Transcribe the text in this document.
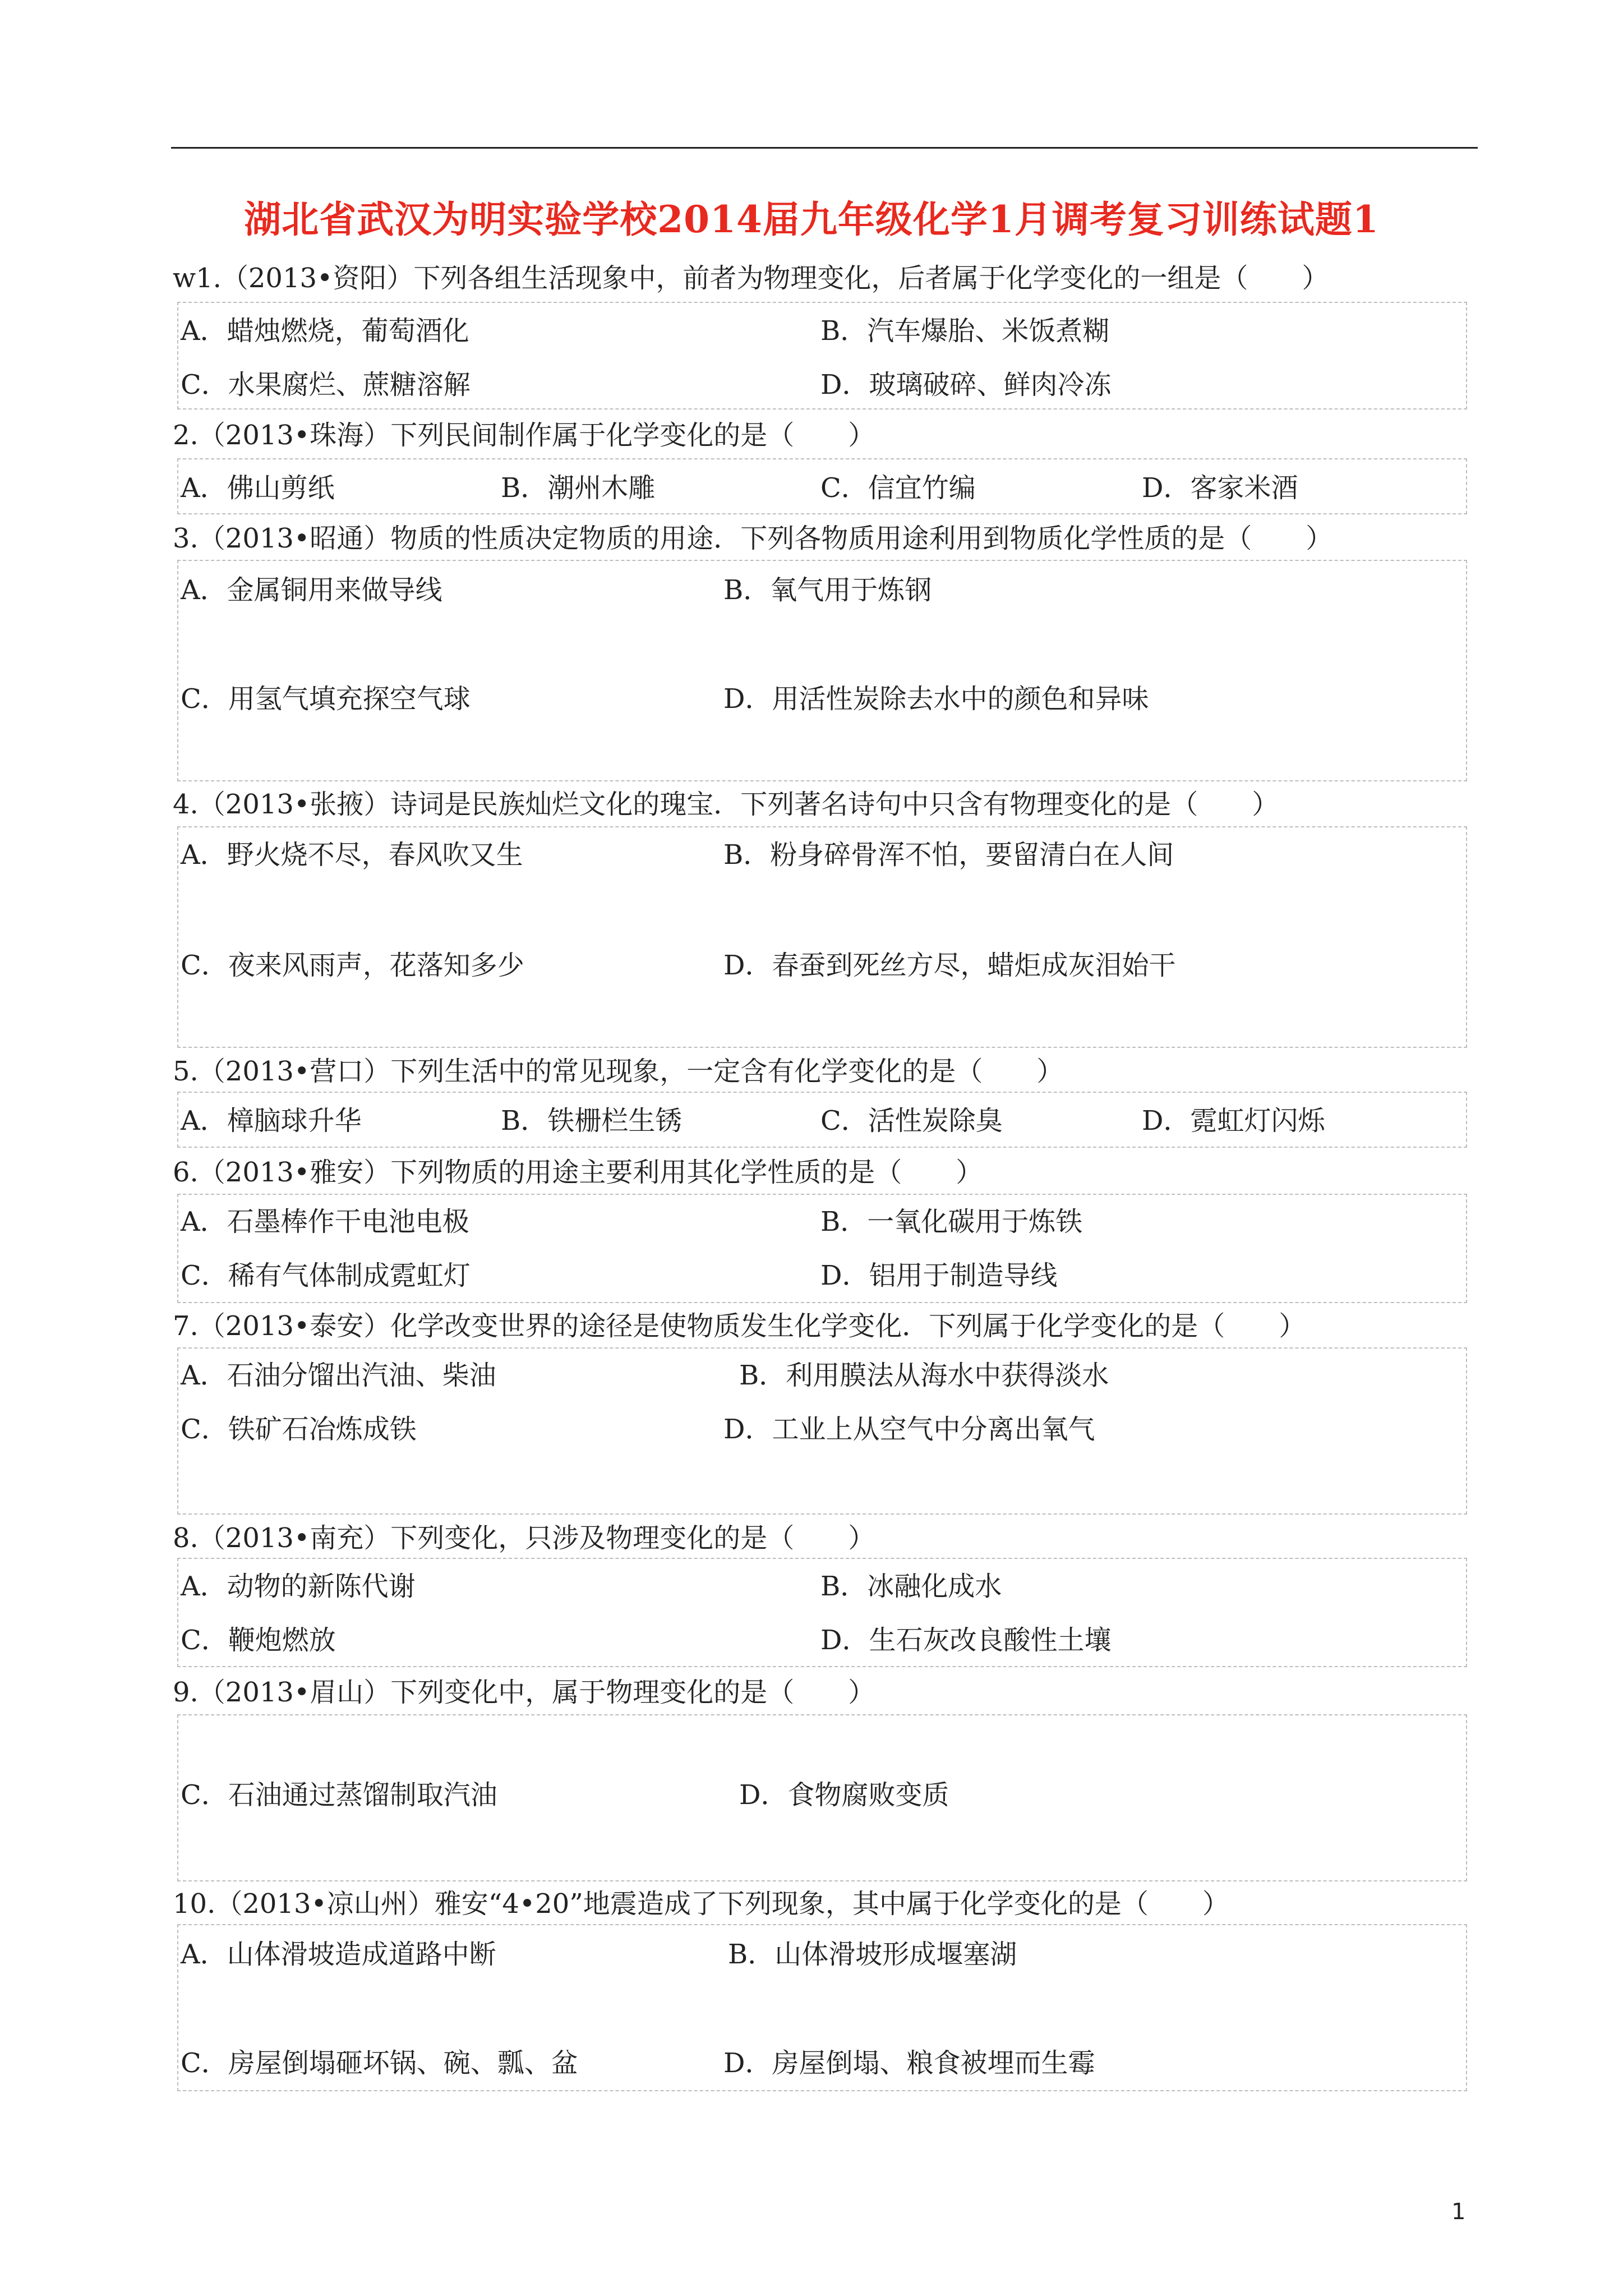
湖北省武汉为明实验学校2014届九年级化学1月调考复习训练试题1
w1.（2013•资阳）下列各组生活现象中，前者为物理变化，后者属于化学变化的一组是（　　）
A．蜡烛燃烧，葡萄酒化	B．汽车爆胎、米饭煮糊
C．水果腐烂、蔗糖溶解	D．玻璃破碎、鲜肉冷冻
2.（2013•珠海）下列民间制作属于化学变化的是（　　）
A．佛山剪纸	B．潮州木雕	C．信宜竹编	D．客家米酒
3.（2013•昭通）物质的性质决定物质的用途．下列各物质用途利用到物质化学性质的是（　　）
A．金属铜用来做导线	B．氧气用于炼钢
C．用氢气填充探空气球	D．用活性炭除去水中的颜色和异味
4.（2013•张掖）诗词是民族灿烂文化的瑰宝．下列著名诗句中只含有物理变化的是（　　）
A．野火烧不尽，春风吹又生	B．粉身碎骨浑不怕，要留清白在人间
C．夜来风雨声，花落知多少	D．春蚕到死丝方尽，蜡炬成灰泪始干
5.（2013•营口）下列生活中的常见现象，一定含有化学变化的是（　　）
A．樟脑球升华	B．铁栅栏生锈	C．活性炭除臭	D．霓虹灯闪烁
6.（2013•雅安）下列物质的用途主要利用其化学性质的是（　　）
A．石墨棒作干电池电极	B．一氧化碳用于炼铁
C．稀有气体制成霓虹灯	D．铝用于制造导线
7.（2013•泰安）化学改变世界的途径是使物质发生化学变化．下列属于化学变化的是（　　）
A．石油分馏出汽油、柴油	B．利用膜法从海水中获得淡水
C．铁矿石冶炼成铁	D．工业上从空气中分离出氧气
8.（2013•南充）下列变化，只涉及物理变化的是（　　）
A．动物的新陈代谢	B．冰融化成水
C．鞭炮燃放	D．生石灰改良酸性土壤
9.（2013•眉山）下列变化中，属于物理变化的是（　　）
C．石油通过蒸馏制取汽油	D．食物腐败变质
10.（2013•凉山州）雅安“4•20”地震造成了下列现象，其中属于化学变化的是（　　）
A．山体滑坡造成道路中断	B．山体滑坡形成堰塞湖
C．房屋倒塌砸坏锅、碗、瓢、盆	D．房屋倒塌、粮食被埋而生霉
1
